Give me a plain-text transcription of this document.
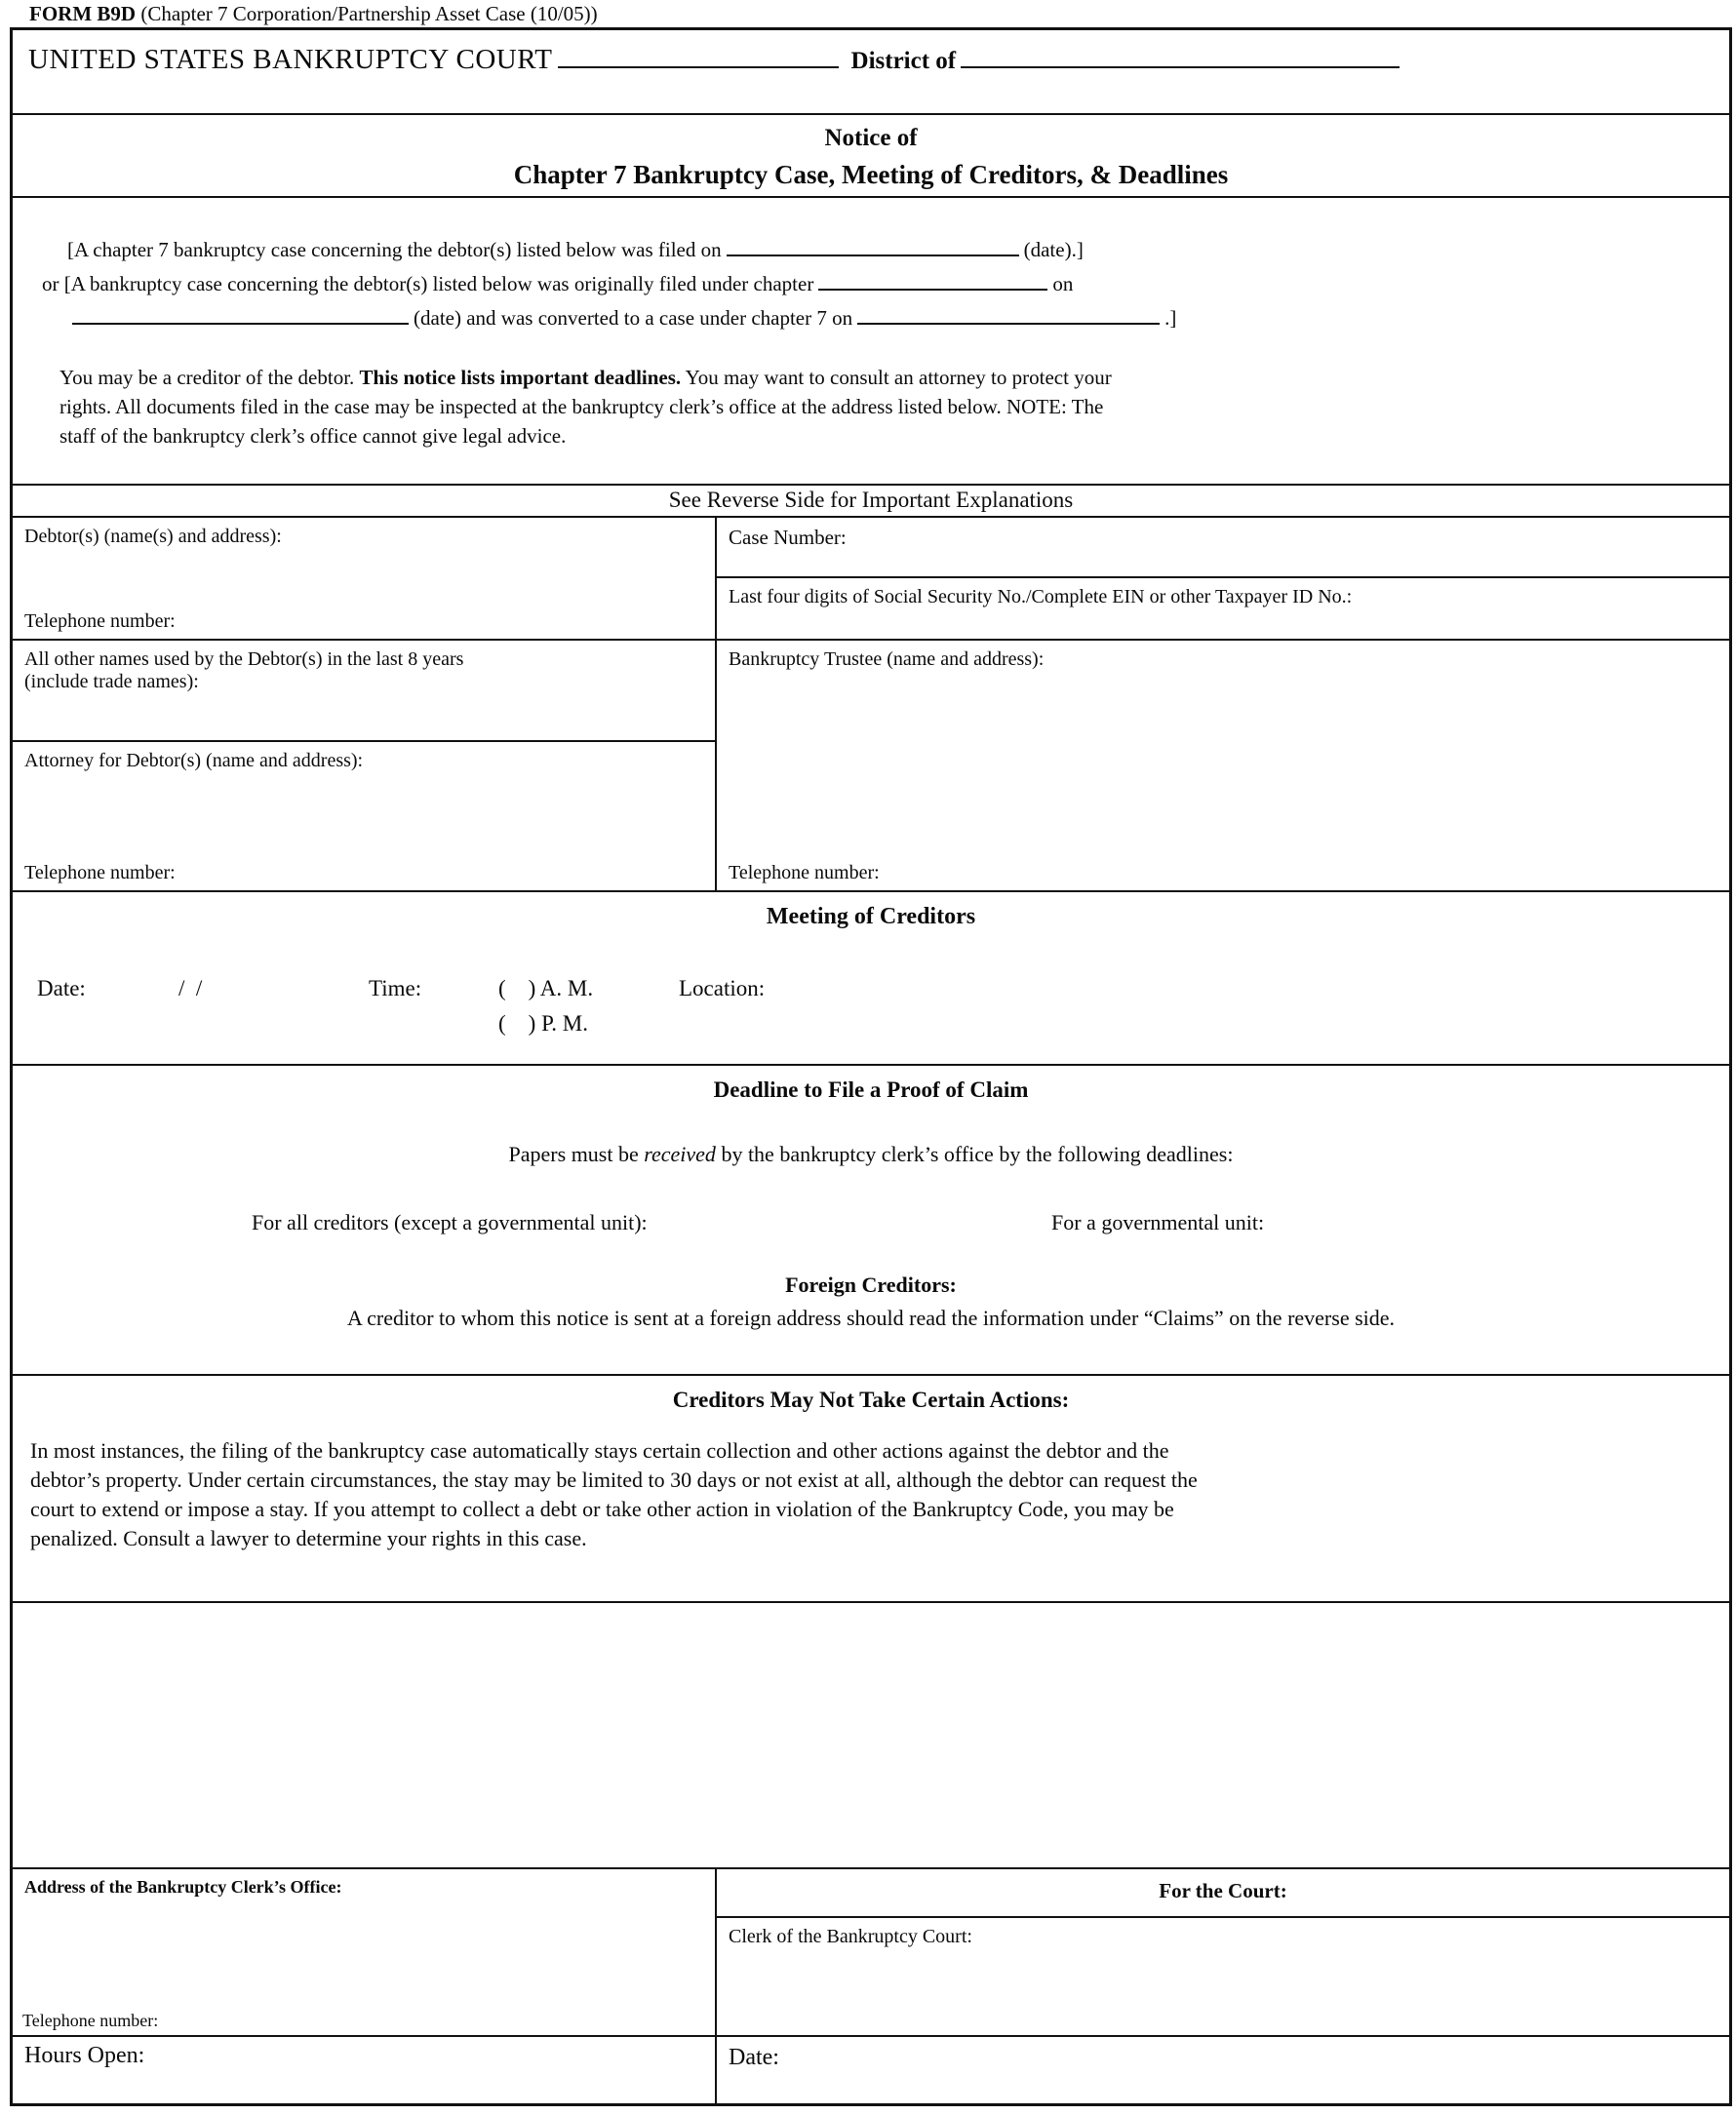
FORM B9D (Chapter 7 Corporation/Partnership Asset Case (10/05))
UNITED STATES BANKRUPTCY COURT	District of
Notice of
Chapter 7 Bankruptcy Case, Meeting of Creditors, & Deadlines
[A chapter 7 bankruptcy case concerning the debtor(s) listed below was filed on	(date).]
or [A bankruptcy case concerning the debtor(s) listed below was originally filed under chapter	on
(date) and was converted to a case under chapter 7 on	.]

You may be a creditor of the debtor. This notice lists important deadlines. You may want to consult an attorney to protect your
rights. All documents filed in the case may be inspected at the bankruptcy clerk’s office at the address listed below. NOTE: The
staff of the bankruptcy clerk’s office cannot give legal advice.

See Reverse Side for Important Explanations
Debtor(s) (name(s) and address):
Telephone number:
All other names used by the Debtor(s) in the last 8 years
(include trade names):
Attorney for Debtor(s) (name and address):
Telephone number:
Case Number:
Last four digits of Social Security No./Complete EIN or other Taxpayer ID No.:
Bankruptcy Trustee (name and address):
Telephone number:
Meeting of Creditors
Date:	/  /	Time:	(    ) A. M.	Location:
(    ) P. M.
Deadline to File a Proof of Claim
Papers must be received by the bankruptcy clerk’s office by the following deadlines:
For all creditors (except a governmental unit):	For a governmental unit:
Foreign Creditors:
A creditor to whom this notice is sent at a foreign address should read the information under “Claims” on the reverse side.
Creditors May Not Take Certain Actions:
In most instances, the filing of the bankruptcy case automatically stays certain collection and other actions against the debtor and the
debtor’s property. Under certain circumstances, the stay may be limited to 30 days or not exist at all, although the debtor can request the
court to extend or impose a stay. If you attempt to collect a debt or take other action in violation of the Bankruptcy Code, you may be
penalized. Consult a lawyer to determine your rights in this case.
Address of the Bankruptcy Clerk’s Office:
Telephone number:
Hours Open:
For the Court:
Clerk of the Bankruptcy Court:
Date:
